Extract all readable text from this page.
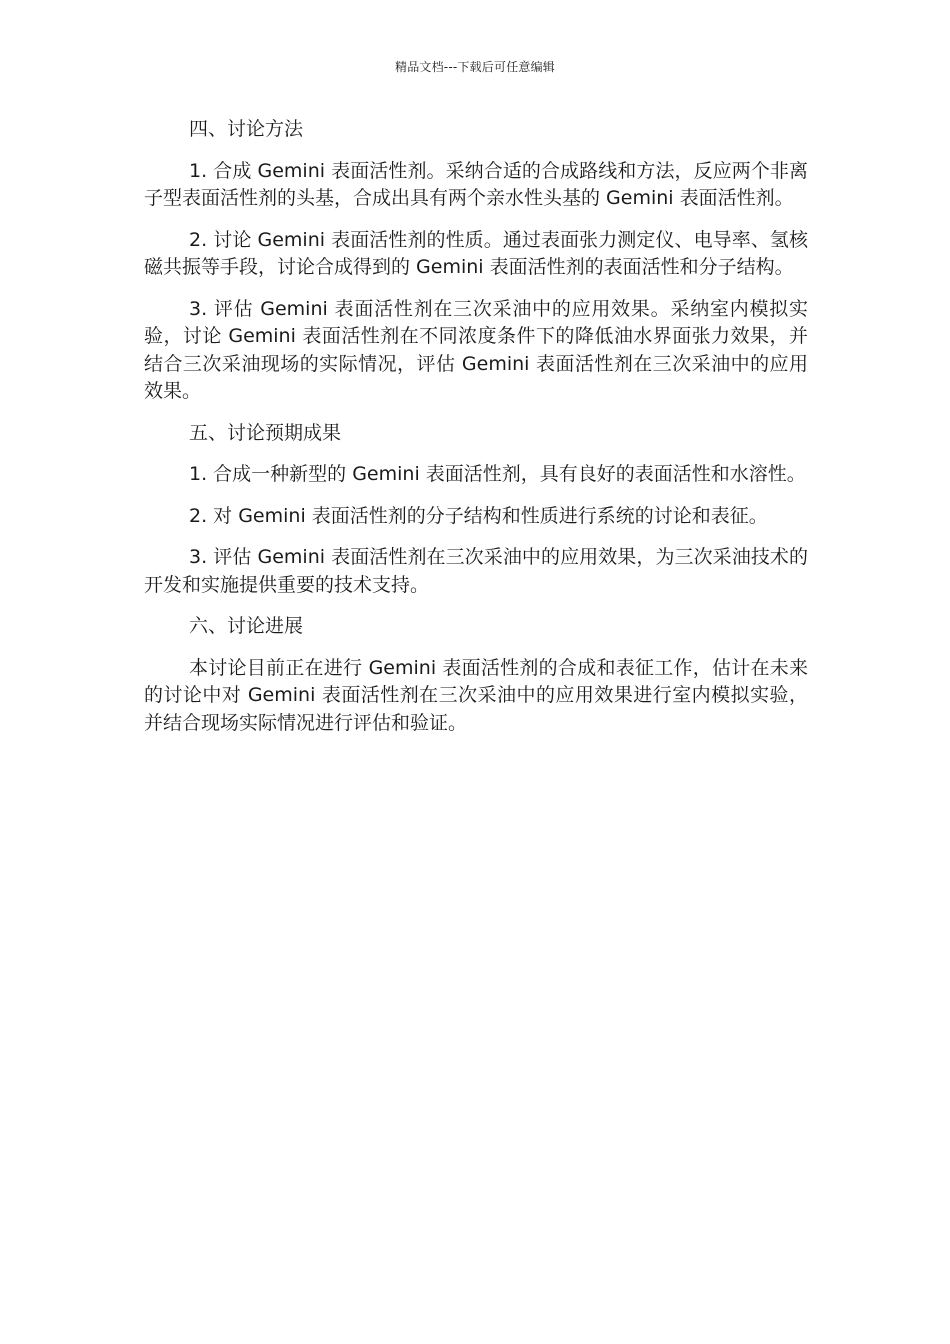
精品文档---下载后可任意编辑

四、讨论方法

1. 合成 Gemini 表面活性剂。采纳合适的合成路线和方法，反应两个非离子型表面活性剂的头基，合成出具有两个亲水性头基的 Gemini 表面活性剂。

2. 讨论 Gemini 表面活性剂的性质。通过表面张力测定仪、电导率、氢核磁共振等手段，讨论合成得到的 Gemini 表面活性剂的表面活性和分子结构。

3. 评估 Gemini 表面活性剂在三次采油中的应用效果。采纳室内模拟实验，讨论 Gemini 表面活性剂在不同浓度条件下的降低油水界面张力效果，并结合三次采油现场的实际情况，评估 Gemini 表面活性剂在三次采油中的应用效果。

五、讨论预期成果

1. 合成一种新型的 Gemini 表面活性剂，具有良好的表面活性和水溶性。

2. 对 Gemini 表面活性剂的分子结构和性质进行系统的讨论和表征。

3. 评估 Gemini 表面活性剂在三次采油中的应用效果，为三次采油技术的开发和实施提供重要的技术支持。

六、讨论进展

本讨论目前正在进行 Gemini 表面活性剂的合成和表征工作，估计在未来的讨论中对 Gemini 表面活性剂在三次采油中的应用效果进行室内模拟实验，并结合现场实际情况进行评估和验证。
